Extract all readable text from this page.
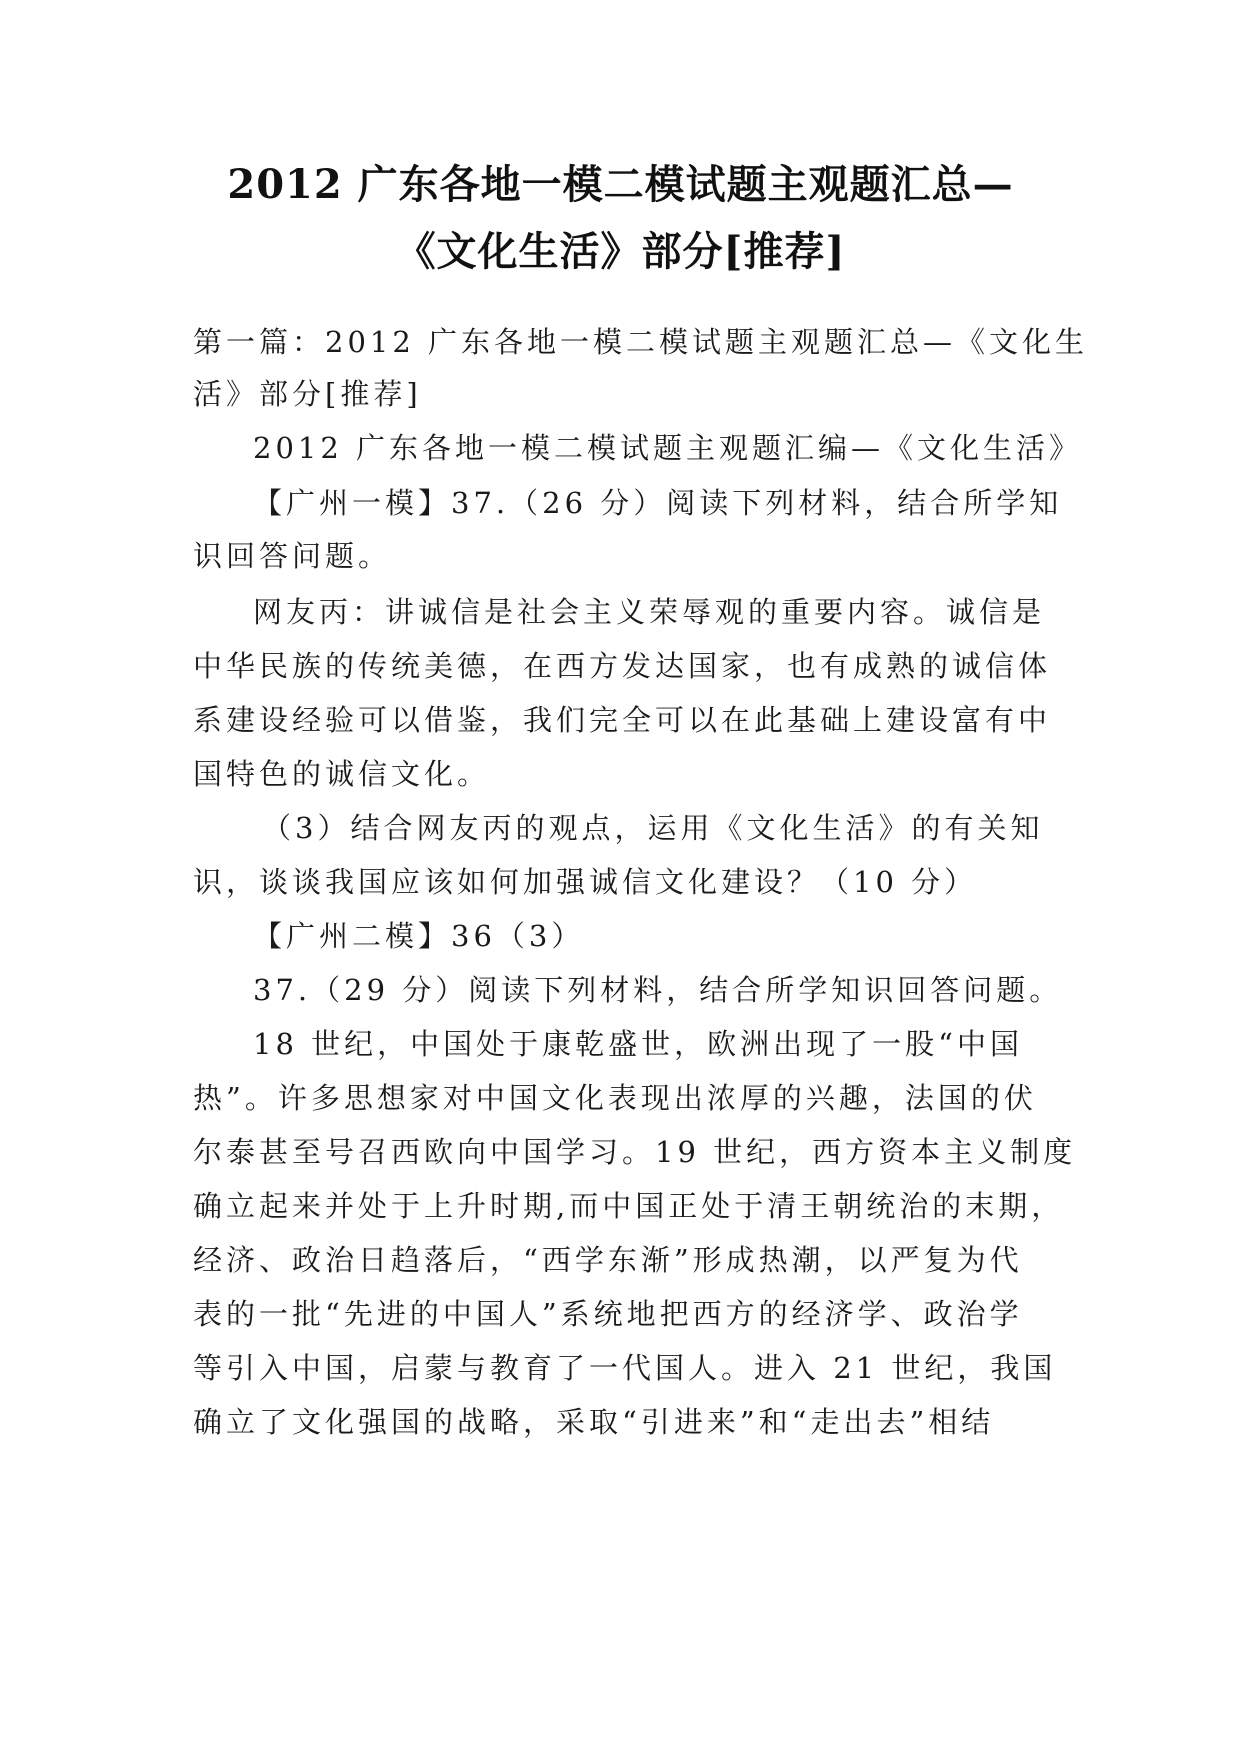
2012 广东各地一模二模试题主观题汇总—
《文化生活》部分[推荐]
第一篇：2012 广东各地一模二模试题主观题汇总—《文化生
活》部分[推荐]
2012 广东各地一模二模试题主观题汇编—《文化生活》
【广州一模】37.（26 分）阅读下列材料，结合所学知
识回答问题。
网友丙：讲诚信是社会主义荣辱观的重要内容。诚信是
中华民族的传统美德，在西方发达国家，也有成熟的诚信体
系建设经验可以借鉴，我们完全可以在此基础上建设富有中
国特色的诚信文化。
（3）结合网友丙的观点，运用《文化生活》的有关知
识，谈谈我国应该如何加强诚信文化建设？（10 分）
【广州二模】36（3）
37.（29 分）阅读下列材料，结合所学知识回答问题。
18 世纪，中国处于康乾盛世，欧洲出现了一股“中国
热”。许多思想家对中国文化表现出浓厚的兴趣，法国的伏
尔泰甚至号召西欧向中国学习。19 世纪，西方资本主义制度
确立起来并处于上升时期,而中国正处于清王朝统治的末期，
经济、政治日趋落后，“西学东渐”形成热潮，以严复为代
表的一批“先进的中国人”系统地把西方的经济学、政治学
等引入中国，启蒙与教育了一代国人。进入 21 世纪，我国
确立了文化强国的战略，采取“引进来”和“走出去”相结
